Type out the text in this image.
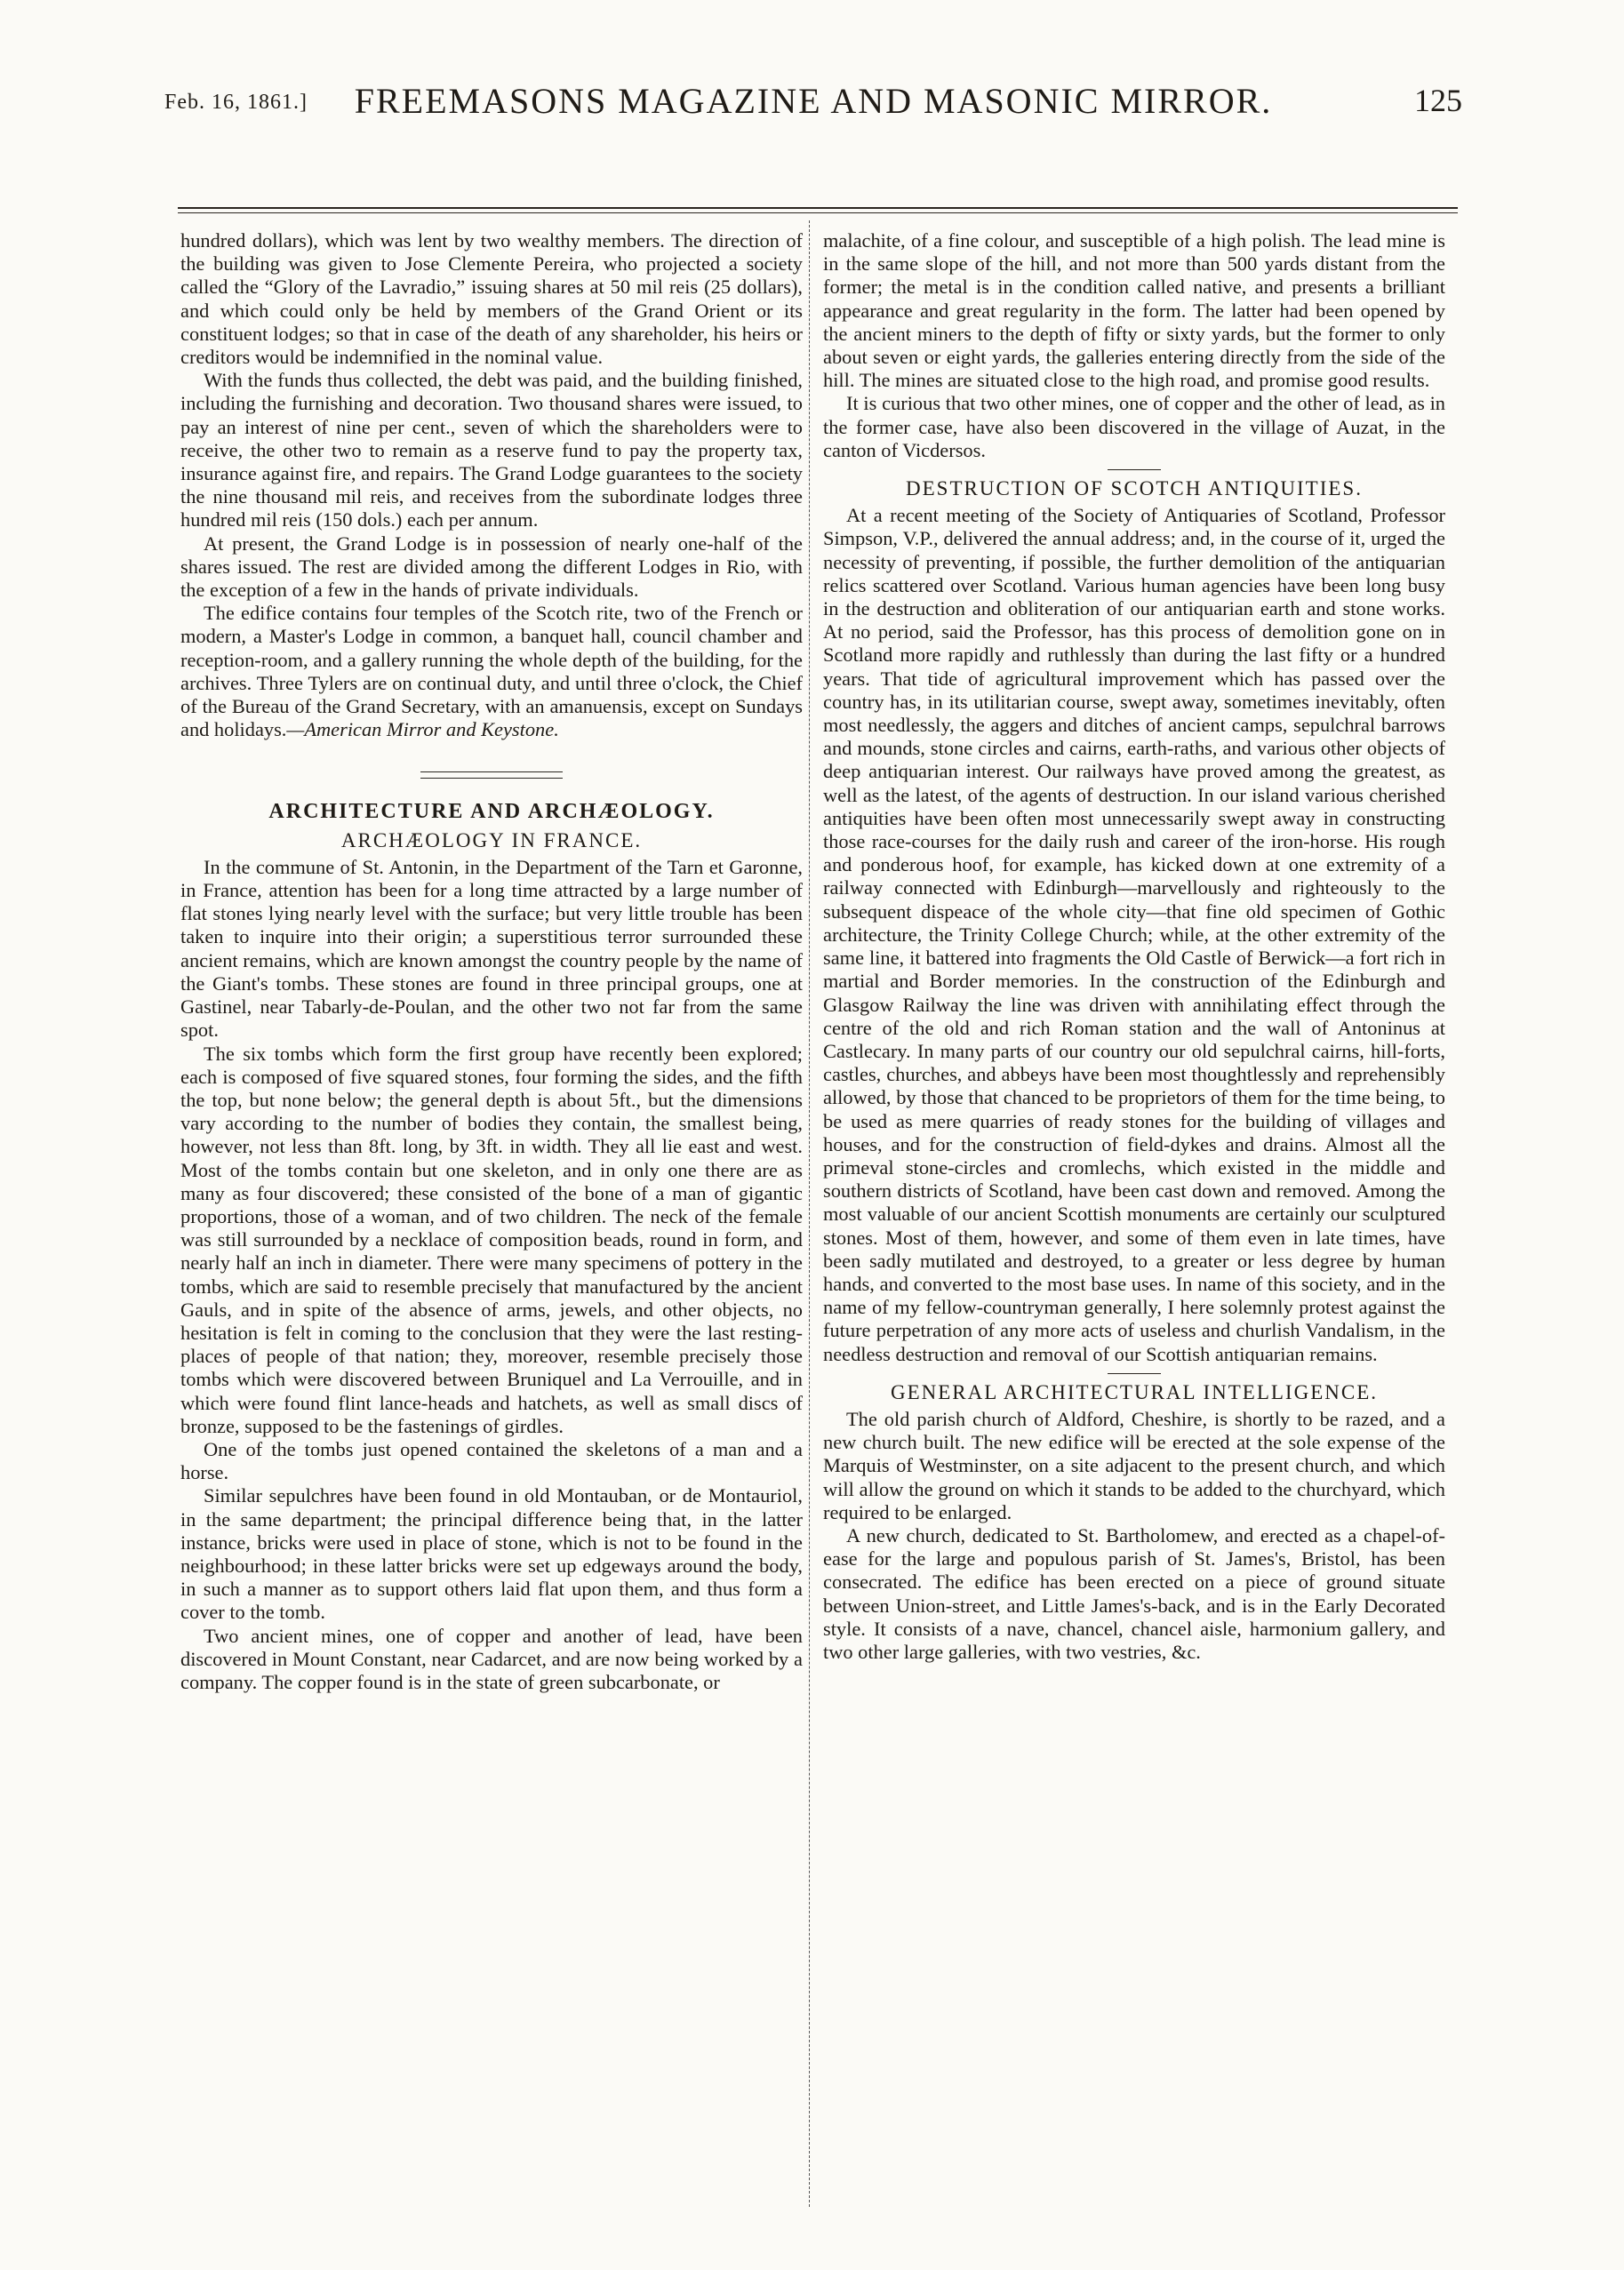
Feb. 16, 1861.]	FREEMASONS MAGAZINE AND MASONIC MIRROR.	125

hundred dollars), which was lent by two wealthy members. The direction of the building was given to Jose Clemente Pereira, who projected a society called the “Glory of the Lavradio,” issuing shares at 50 mil reis (25 dollars), and which could only be held by members of the Grand Orient or its constituent lodges; so that in case of the death of any shareholder, his heirs or creditors would be indemnified in the nominal value.

With the funds thus collected, the debt was paid, and the building finished, including the furnishing and decoration. Two thousand shares were issued, to pay an interest of nine per cent., seven of which the shareholders were to receive, the other two to remain as a reserve fund to pay the property tax, insurance against fire, and repairs. The Grand Lodge guarantees to the society the nine thousand mil reis, and receives from the subordinate lodges three hundred mil reis (150 dols.) each per annum.

At present, the Grand Lodge is in possession of nearly one-half of the shares issued. The rest are divided among the different Lodges in Rio, with the exception of a few in the hands of private individuals.

The edifice contains four temples of the Scotch rite, two of the French or modern, a Master's Lodge in common, a banquet hall, council chamber and reception-room, and a gallery running the whole depth of the building, for the archives. Three Tylers are on continual duty, and until three o'clock, the Chief of the Bureau of the Grand Secretary, with an amanuensis, except on Sundays and holidays.—American Mirror and Keystone.

ARCHITECTURE AND ARCHÆOLOGY.
ARCHÆOLOGY IN FRANCE.

In the commune of St. Antonin, in the Department of the Tarn et Garonne, in France, attention has been for a long time attracted by a large number of flat stones lying nearly level with the surface; but very little trouble has been taken to inquire into their origin; a superstitious terror surrounded these ancient remains, which are known amongst the country people by the name of the Giant's tombs. These stones are found in three principal groups, one at Gastinel, near Tabarly-de-Poulan, and the other two not far from the same spot.

The six tombs which form the first group have recently been explored; each is composed of five squared stones, four forming the sides, and the fifth the top, but none below; the general depth is about 5ft., but the dimensions vary according to the number of bodies they contain, the smallest being, however, not less than 8ft. long, by 3ft. in width. They all lie east and west. Most of the tombs contain but one skeleton, and in only one there are as many as four discovered; these consisted of the bone of a man of gigantic proportions, those of a woman, and of two children. The neck of the female was still surrounded by a necklace of composition beads, round in form, and nearly half an inch in diameter. There were many specimens of pottery in the tombs, which are said to resemble precisely that manufactured by the ancient Gauls, and in spite of the absence of arms, jewels, and other objects, no hesitation is felt in coming to the conclusion that they were the last resting-places of people of that nation; they, moreover, resemble precisely those tombs which were discovered between Bruniquel and La Verrouille, and in which were found flint lance-heads and hatchets, as well as small discs of bronze, supposed to be the fastenings of girdles.

One of the tombs just opened contained the skeletons of a man and a horse.

Similar sepulchres have been found in old Montauban, or de Montauriol, in the same department; the principal difference being that, in the latter instance, bricks were used in place of stone, which is not to be found in the neighbourhood; in these latter bricks were set up edgeways around the body, in such a manner as to support others laid flat upon them, and thus form a cover to the tomb.

Two ancient mines, one of copper and another of lead, have been discovered in Mount Constant, near Cadarcet, and are now being worked by a company. The copper found is in the state of green subcarbonate, or

malachite, of a fine colour, and susceptible of a high polish. The lead mine is in the same slope of the hill, and not more than 500 yards distant from the former; the metal is in the condition called native, and presents a brilliant appearance and great regularity in the form. The latter had been opened by the ancient miners to the depth of fifty or sixty yards, but the former to only about seven or eight yards, the galleries entering directly from the side of the hill. The mines are situated close to the high road, and promise good results.

It is curious that two other mines, one of copper and the other of lead, as in the former case, have also been discovered in the village of Auzat, in the canton of Vicdersos.

DESTRUCTION OF SCOTCH ANTIQUITIES.

At a recent meeting of the Society of Antiquaries of Scotland, Professor Simpson, V.P., delivered the annual address; and, in the course of it, urged the necessity of preventing, if possible, the further demolition of the antiquarian relics scattered over Scotland. Various human agencies have been long busy in the destruction and obliteration of our antiquarian earth and stone works. At no period, said the Professor, has this process of demolition gone on in Scotland more rapidly and ruthlessly than during the last fifty or a hundred years. That tide of agricultural improvement which has passed over the country has, in its utilitarian course, swept away, sometimes inevitably, often most needlessly, the aggers and ditches of ancient camps, sepulchral barrows and mounds, stone circles and cairns, earth-raths, and various other objects of deep antiquarian interest. Our railways have proved among the greatest, as well as the latest, of the agents of destruction. In our island various cherished antiquities have been often most unnecessarily swept away in constructing those race-courses for the daily rush and career of the iron-horse. His rough and ponderous hoof, for example, has kicked down at one extremity of a railway connected with Edinburgh—marvellously and righteously to the subsequent dispeace of the whole city—that fine old specimen of Gothic architecture, the Trinity College Church; while, at the other extremity of the same line, it battered into fragments the Old Castle of Berwick—a fort rich in martial and Border memories. In the construction of the Edinburgh and Glasgow Railway the line was driven with annihilating effect through the centre of the old and rich Roman station and the wall of Antoninus at Castlecary. In many parts of our country our old sepulchral cairns, hill-forts, castles, churches, and abbeys have been most thoughtlessly and reprehensibly allowed, by those that chanced to be proprietors of them for the time being, to be used as mere quarries of ready stones for the building of villages and houses, and for the construction of field-dykes and drains. Almost all the primeval stone-circles and cromlechs, which existed in the middle and southern districts of Scotland, have been cast down and removed. Among the most valuable of our ancient Scottish monuments are certainly our sculptured stones. Most of them, however, and some of them even in late times, have been sadly mutilated and destroyed, to a greater or less degree by human hands, and converted to the most base uses. In name of this society, and in the name of my fellow-countryman generally, I here solemnly protest against the future perpetration of any more acts of useless and churlish Vandalism, in the needless destruction and removal of our Scottish antiquarian remains.

GENERAL ARCHITECTURAL INTELLIGENCE.

The old parish church of Aldford, Cheshire, is shortly to be razed, and a new church built. The new edifice will be erected at the sole expense of the Marquis of Westminster, on a site adjacent to the present church, and which will allow the ground on which it stands to be added to the churchyard, which required to be enlarged.

A new church, dedicated to St. Bartholomew, and erected as a chapel-of-ease for the large and populous parish of St. James's, Bristol, has been consecrated. The edifice has been erected on a piece of ground situate between Union-street, and Little James's-back, and is in the Early Decorated style. It consists of a nave, chancel, chancel aisle, harmonium gallery, and two other large galleries, with two vestries, &c.
